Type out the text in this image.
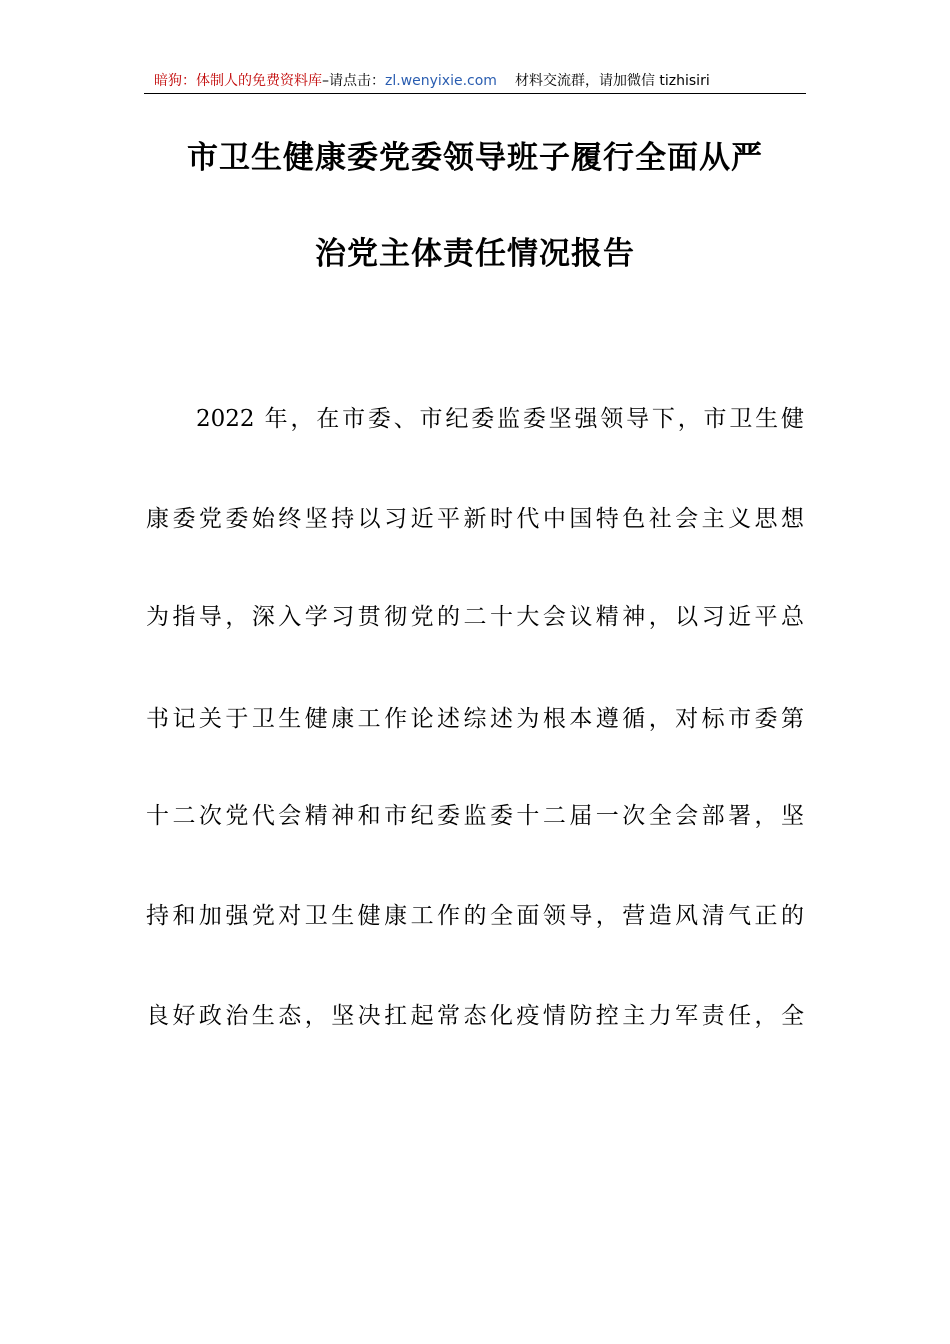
暗狗：体制人的免费资料库–请点击：zl.wenyixie.com 材料交流群，请加微信 tizhisiri
市卫生健康委党委领导班子履行全面从严
治党主体责任情况报告
2022 年，在市委、市纪委监委坚强领导下，市卫生健
康委党委始终坚持以习近平新时代中国特色社会主义思想
为指导，深入学习贯彻党的二十大会议精神，以习近平总
书记关于卫生健康工作论述综述为根本遵循，对标市委第
十二次党代会精神和市纪委监委十二届一次全会部署，坚
持和加强党对卫生健康工作的全面领导，营造风清气正的
良好政治生态，坚决扛起常态化疫情防控主力军责任，全
